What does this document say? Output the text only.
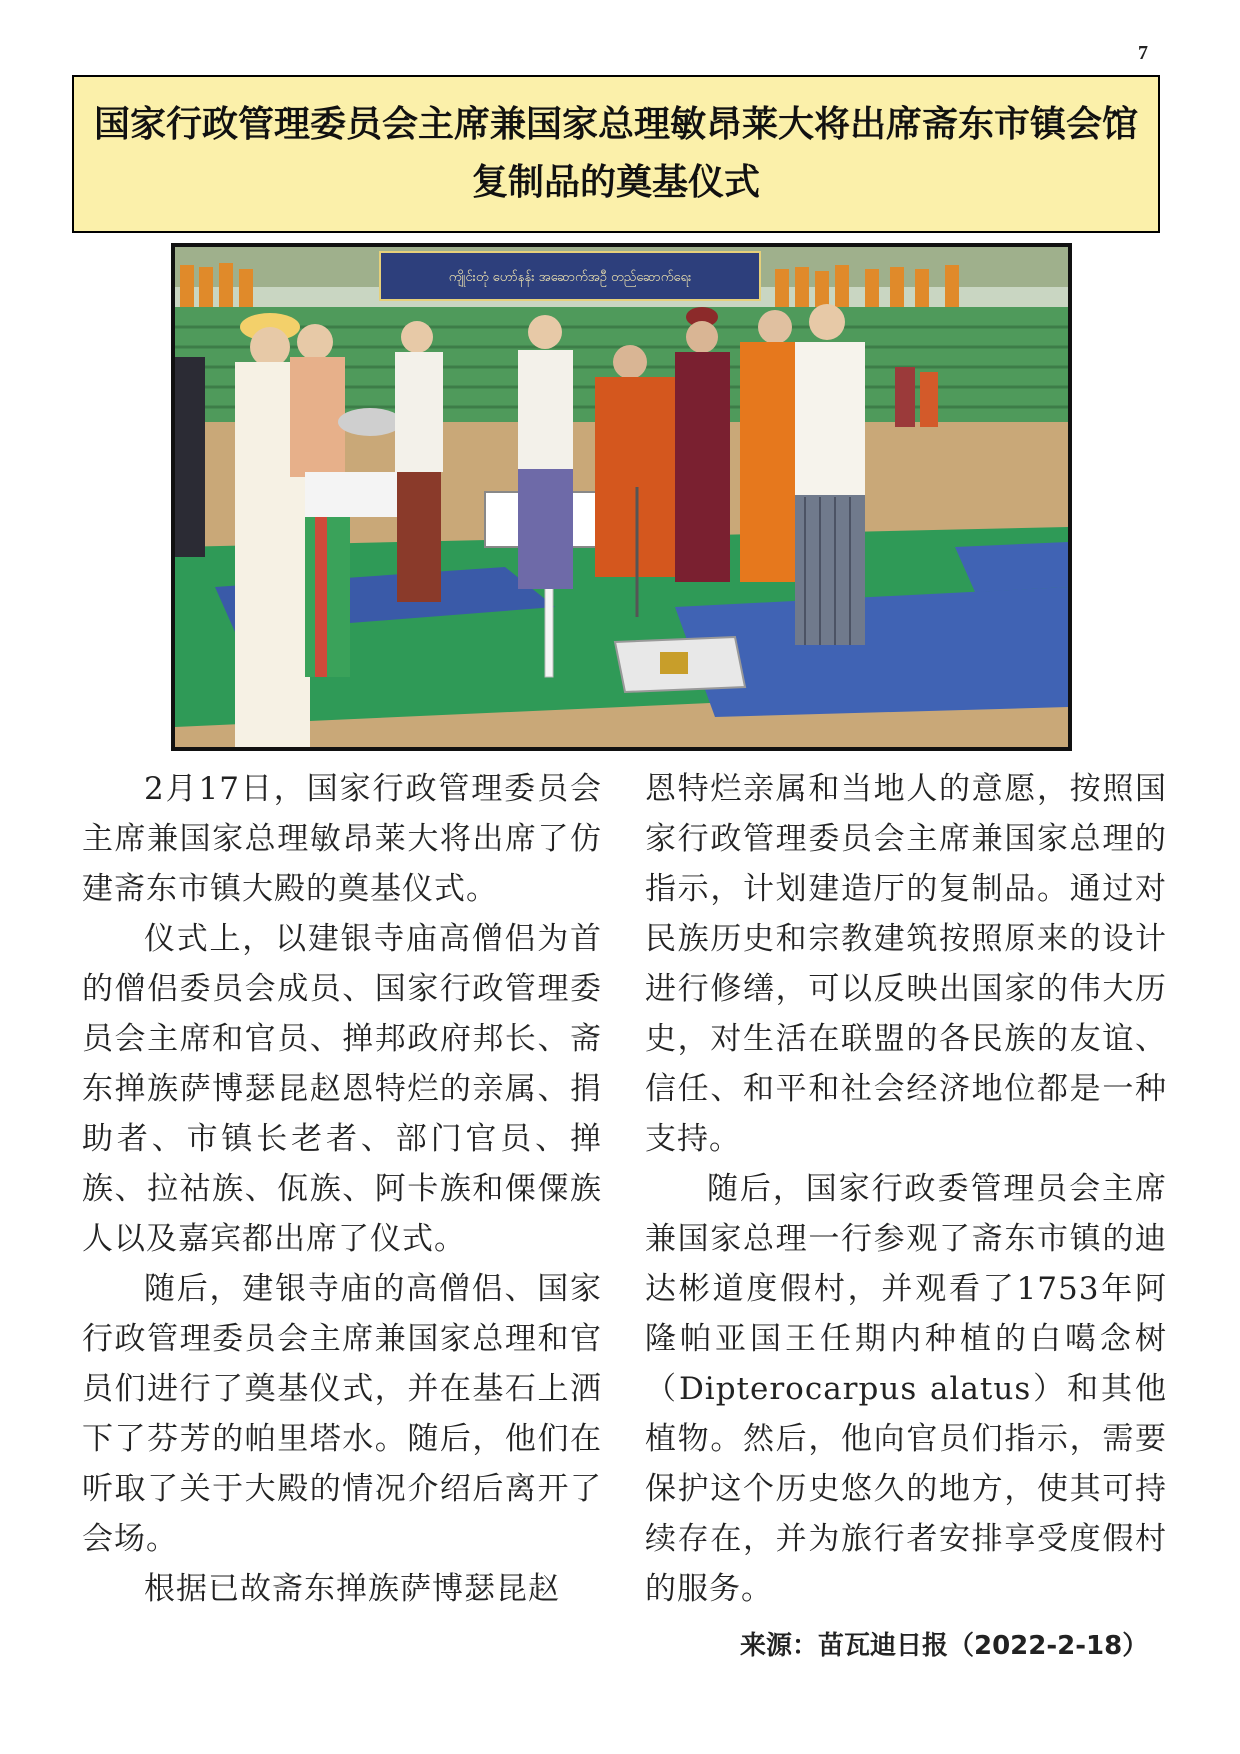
7
国家行政管理委员会主席兼国家总理敏昂莱大将出席斋东市镇会馆复制品的奠基仪式
ကျိုင်းတုံ ဟော်နန်း အဆောက်အဦ တည်ဆောက်ရေး

2月17日，国家行政管理委员会主席兼国家总理敏昂莱大将出席了仿建斋东市镇大殿的奠基仪式。

仪式上，以建银寺庙高僧侣为首的僧侣委员会成员、国家行政管理委员会主席和官员、掸邦政府邦长、斋东掸族萨博瑟昆赵恩特烂的亲属、捐助者、市镇长老者、部门官员、掸族、拉祜族、佤族、阿卡族和傈僳族人以及嘉宾都出席了仪式。

随后，建银寺庙的高僧侣、国家行政管理委员会主席兼国家总理和官员们进行了奠基仪式，并在基石上洒下了芬芳的帕里塔水。随后，他们在听取了关于大殿的情况介绍后离开了会场。

根据已故斋东掸族萨博瑟昆赵

恩特烂亲属和当地人的意愿，按照国家行政管理委员会主席兼国家总理的指示，计划建造厅的复制品。通过对民族历史和宗教建筑按照原来的设计进行修缮，可以反映出国家的伟大历史，对生活在联盟的各民族的友谊、信任、和平和社会经济地位都是一种支持。

随后，国家行政委管理员会主席兼国家总理一行参观了斋东市镇的迪达彬道度假村，并观看了1753年阿隆帕亚国王任期内种植的白噶念树（Dipterocarpus alatus）和其他植物。然后，他向官员们指示，需要保护这个历史悠久的地方，使其可持续存在，并为旅行者安排享受度假村的服务。

来源：苗瓦迪日报（2022-2-18）
